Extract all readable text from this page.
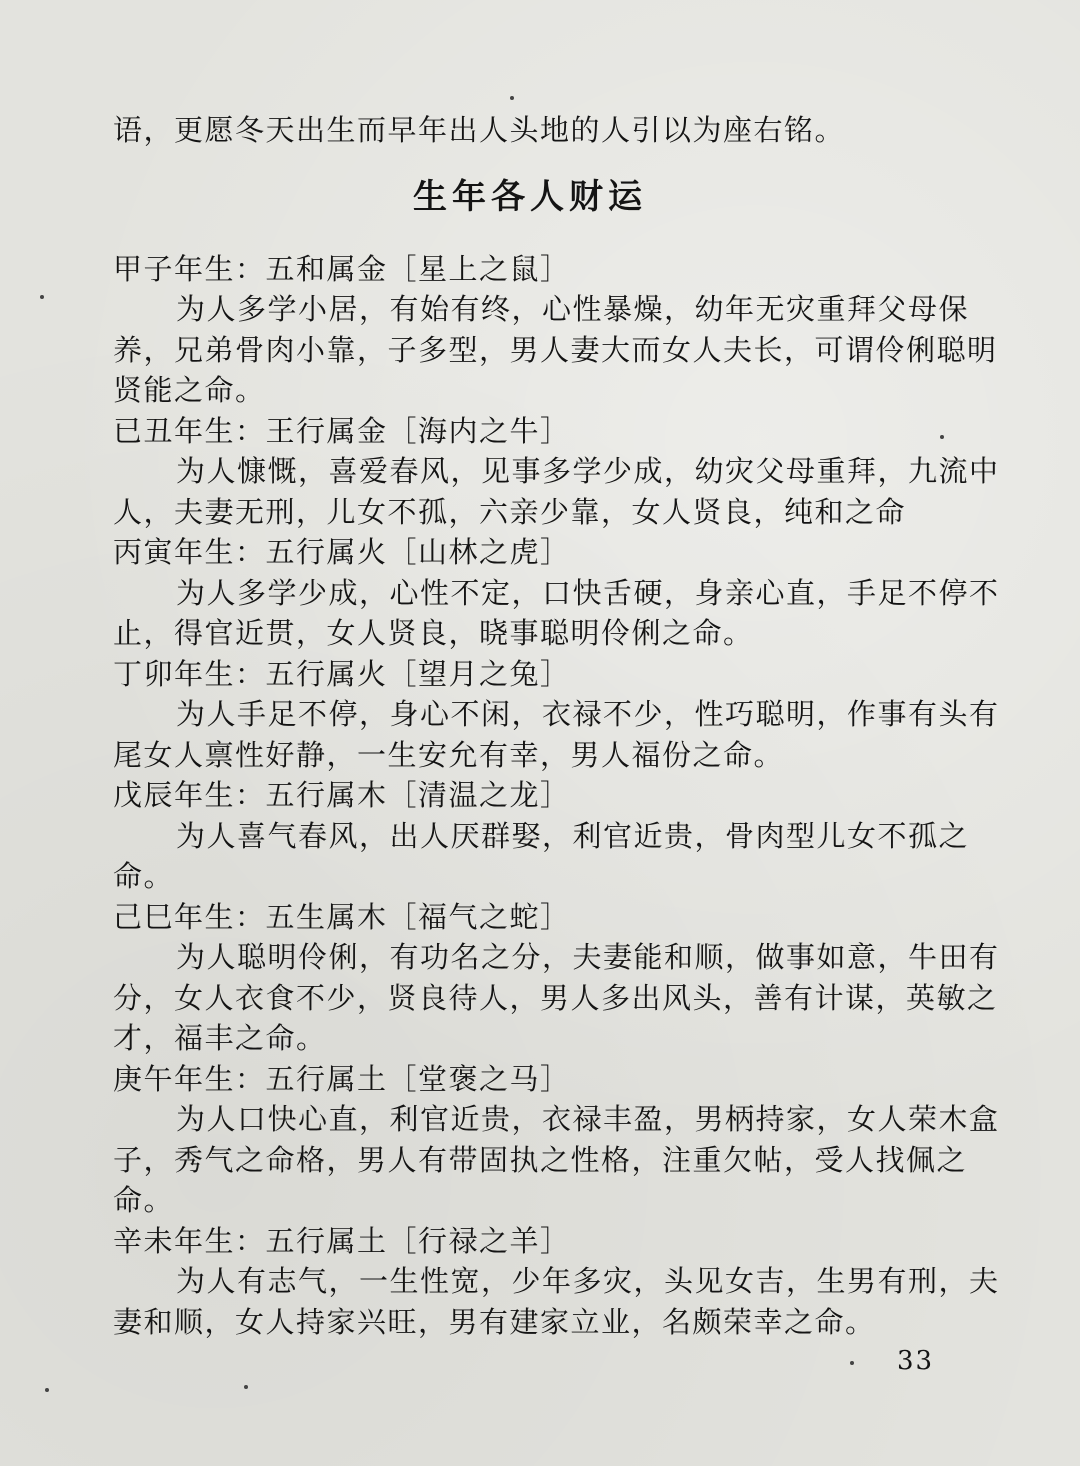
语，更愿冬天出生而早年出人头地的人引以为座右铭。
生年各人财运
甲子年生：五和属金［星上之鼠］
为人多学小居，有始有终，心性暴燥，幼年无灾重拜父母保
养，兄弟骨肉小靠，子多型，男人妻大而女人夫长，可谓伶俐聪明
贤能之命。
已丑年生：王行属金［海内之牛］
为人慷慨，喜爱春风，见事多学少成，幼灾父母重拜，九流中
人，夫妻无刑，儿女不孤，六亲少靠，女人贤良，纯和之命
丙寅年生：五行属火［山林之虎］
为人多学少成，心性不定，口快舌硬，身亲心直，手足不停不
止，得官近贯，女人贤良，晓事聪明伶俐之命。
丁卯年生：五行属火［望月之兔］
为人手足不停，身心不闲，衣禄不少，性巧聪明，作事有头有
尾女人禀性好静，一生安允有幸，男人福份之命。
戊辰年生：五行属木［清温之龙］
为人喜气春风，出人厌群娶，利官近贵，骨肉型儿女不孤之
命。
己巳年生：五生属木［福气之蛇］
为人聪明伶俐，有功名之分，夫妻能和顺，做事如意，牛田有
分，女人衣食不少，贤良待人，男人多出风头，善有计谋，英敏之
才，福丰之命。
庚午年生：五行属土［堂褒之马］
为人口快心直，利官近贵，衣禄丰盈，男柄持家，女人荣木盒
子，秀气之命格，男人有带固执之性格，注重欠帖，受人找佩之
命。
辛未年生：五行属土［行禄之羊］
为人有志气，一生性宽，少年多灾，头见女吉，生男有刑，夫
妻和顺，女人持家兴旺，男有建家立业，名颇荣幸之命。
33
